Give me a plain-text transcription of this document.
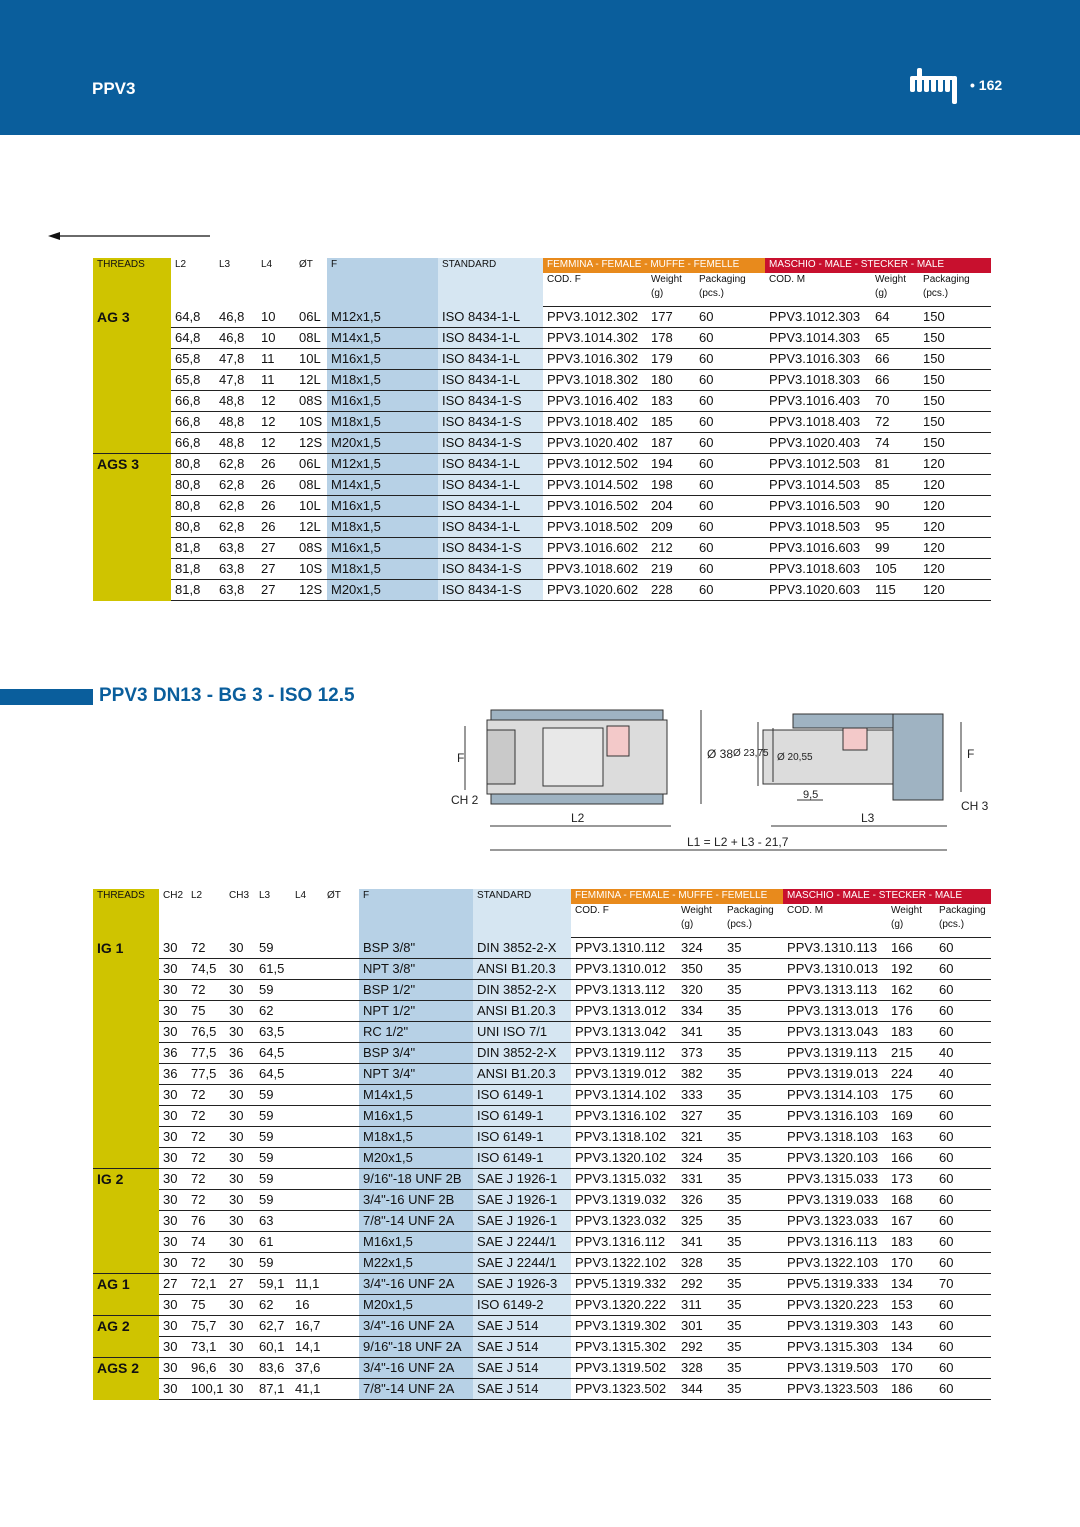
PPV3	• 162
THREADS	L2	L3	L4	ØT	F	STANDARD	FEMMINA - FEMALE - MUFFE - FEMELLE			MASCHIO - MALE - STECKER - MALE		
							COD. F	Weight (g)	Packaging (pcs.)	COD. M	Weight (g)	Packaging (pcs.)
AG 3	64,8	46,8	10	06L	M12x1,5	ISO 8434-1-L	PPV3.1012.302	177	60	PPV3.1012.303	64	150
	64,8	46,8	10	08L	M14x1,5	ISO 8434-1-L	PPV3.1014.302	178	60	PPV3.1014.303	65	150
	65,8	47,8	11	10L	M16x1,5	ISO 8434-1-L	PPV3.1016.302	179	60	PPV3.1016.303	66	150
	65,8	47,8	11	12L	M18x1,5	ISO 8434-1-L	PPV3.1018.302	180	60	PPV3.1018.303	66	150
	66,8	48,8	12	08S	M16x1,5	ISO 8434-1-S	PPV3.1016.402	183	60	PPV3.1016.403	70	150
	66,8	48,8	12	10S	M18x1,5	ISO 8434-1-S	PPV3.1018.402	185	60	PPV3.1018.403	72	150
	66,8	48,8	12	12S	M20x1,5	ISO 8434-1-S	PPV3.1020.402	187	60	PPV3.1020.403	74	150
AGS 3	80,8	62,8	26	06L	M12x1,5	ISO 8434-1-L	PPV3.1012.502	194	60	PPV3.1012.503	81	120
	80,8	62,8	26	08L	M14x1,5	ISO 8434-1-L	PPV3.1014.502	198	60	PPV3.1014.503	85	120
	80,8	62,8	26	10L	M16x1,5	ISO 8434-1-L	PPV3.1016.502	204	60	PPV3.1016.503	90	120
	80,8	62,8	26	12L	M18x1,5	ISO 8434-1-L	PPV3.1018.502	209	60	PPV3.1018.503	95	120
	81,8	63,8	27	08S	M16x1,5	ISO 8434-1-S	PPV3.1016.602	212	60	PPV3.1016.603	99	120
	81,8	63,8	27	10S	M18x1,5	ISO 8434-1-S	PPV3.1018.602	219	60	PPV3.1018.603	105	120
	81,8	63,8	27	12S	M20x1,5	ISO 8434-1-S	PPV3.1020.602	228	60	PPV3.1020.603	115	120
PPV3 DN13 - BG 3 - ISO 12.5
F	F
CH 2	CH 3
L2	L3
Ø 38 Ø 23,75 Ø 20,55
9,5
L1 = L2 + L3 - 21,7
THREADS	CH2	L2	CH3	L3	L4	ØT	F	STANDARD	FEMMINA - FEMALE - MUFFE - FEMELLE			MASCHIO - MALE - STECKER - MALE		
									COD. F	Weight (g)	Packaging (pcs.)	COD. M	Weight (g)	Packaging (pcs.)
IG 1	30	72	30	59			BSP 3/8"	DIN 3852-2-X	PPV3.1310.112	324	35	PPV3.1310.113	166	60
	30	74,5	30	61,5			NPT 3/8"	ANSI B1.20.3	PPV3.1310.012	350	35	PPV3.1310.013	192	60
	30	72	30	59			BSP 1/2"	DIN 3852-2-X	PPV3.1313.112	320	35	PPV3.1313.113	162	60
	30	75	30	62			NPT 1/2"	ANSI B1.20.3	PPV3.1313.012	334	35	PPV3.1313.013	176	60
	30	76,5	30	63,5			RC 1/2"	UNI ISO 7/1	PPV3.1313.042	341	35	PPV3.1313.043	183	60
	36	77,5	36	64,5			BSP 3/4"	DIN 3852-2-X	PPV3.1319.112	373	35	PPV3.1319.113	215	40
	36	77,5	36	64,5			NPT 3/4"	ANSI B1.20.3	PPV3.1319.012	382	35	PPV3.1319.013	224	40
	30	72	30	59			M14x1,5	ISO 6149-1	PPV3.1314.102	333	35	PPV3.1314.103	175	60
	30	72	30	59			M16x1,5	ISO 6149-1	PPV3.1316.102	327	35	PPV3.1316.103	169	60
	30	72	30	59			M18x1,5	ISO 6149-1	PPV3.1318.102	321	35	PPV3.1318.103	163	60
	30	72	30	59			M20x1,5	ISO 6149-1	PPV3.1320.102	324	35	PPV3.1320.103	166	60
IG 2	30	72	30	59			9/16"-18 UNF 2B	SAE J 1926-1	PPV3.1315.032	331	35	PPV3.1315.033	173	60
	30	72	30	59			3/4"-16 UNF 2B	SAE J 1926-1	PPV3.1319.032	326	35	PPV3.1319.033	168	60
	30	76	30	63			7/8"-14 UNF 2A	SAE J 1926-1	PPV3.1323.032	325	35	PPV3.1323.033	167	60
	30	74	30	61			M16x1,5	SAE J 2244/1	PPV3.1316.112	341	35	PPV3.1316.113	183	60
	30	72	30	59			M22x1,5	SAE J 2244/1	PPV3.1322.102	328	35	PPV3.1322.103	170	60
AG 1	27	72,1	27	59,1	11,1		3/4"-16 UNF 2A	SAE J 1926-3	PPV5.1319.332	292	35	PPV5.1319.333	134	70
	30	75	30	62	16		M20x1,5	ISO 6149-2	PPV3.1320.222	311	35	PPV3.1320.223	153	60
AG 2	30	75,7	30	62,7	16,7		3/4"-16 UNF 2A	SAE J 514	PPV3.1319.302	301	35	PPV3.1319.303	143	60
	30	73,1	30	60,1	14,1		9/16"-18 UNF 2A	SAE J 514	PPV3.1315.302	292	35	PPV3.1315.303	134	60
AGS 2	30	96,6	30	83,6	37,6		3/4"-16 UNF 2A	SAE J 514	PPV3.1319.502	328	35	PPV3.1319.503	170	60
	30	100,1	30	87,1	41,1		7/8"-14 UNF 2A	SAE J 514	PPV3.1323.502	344	35	PPV3.1323.503	186	60
